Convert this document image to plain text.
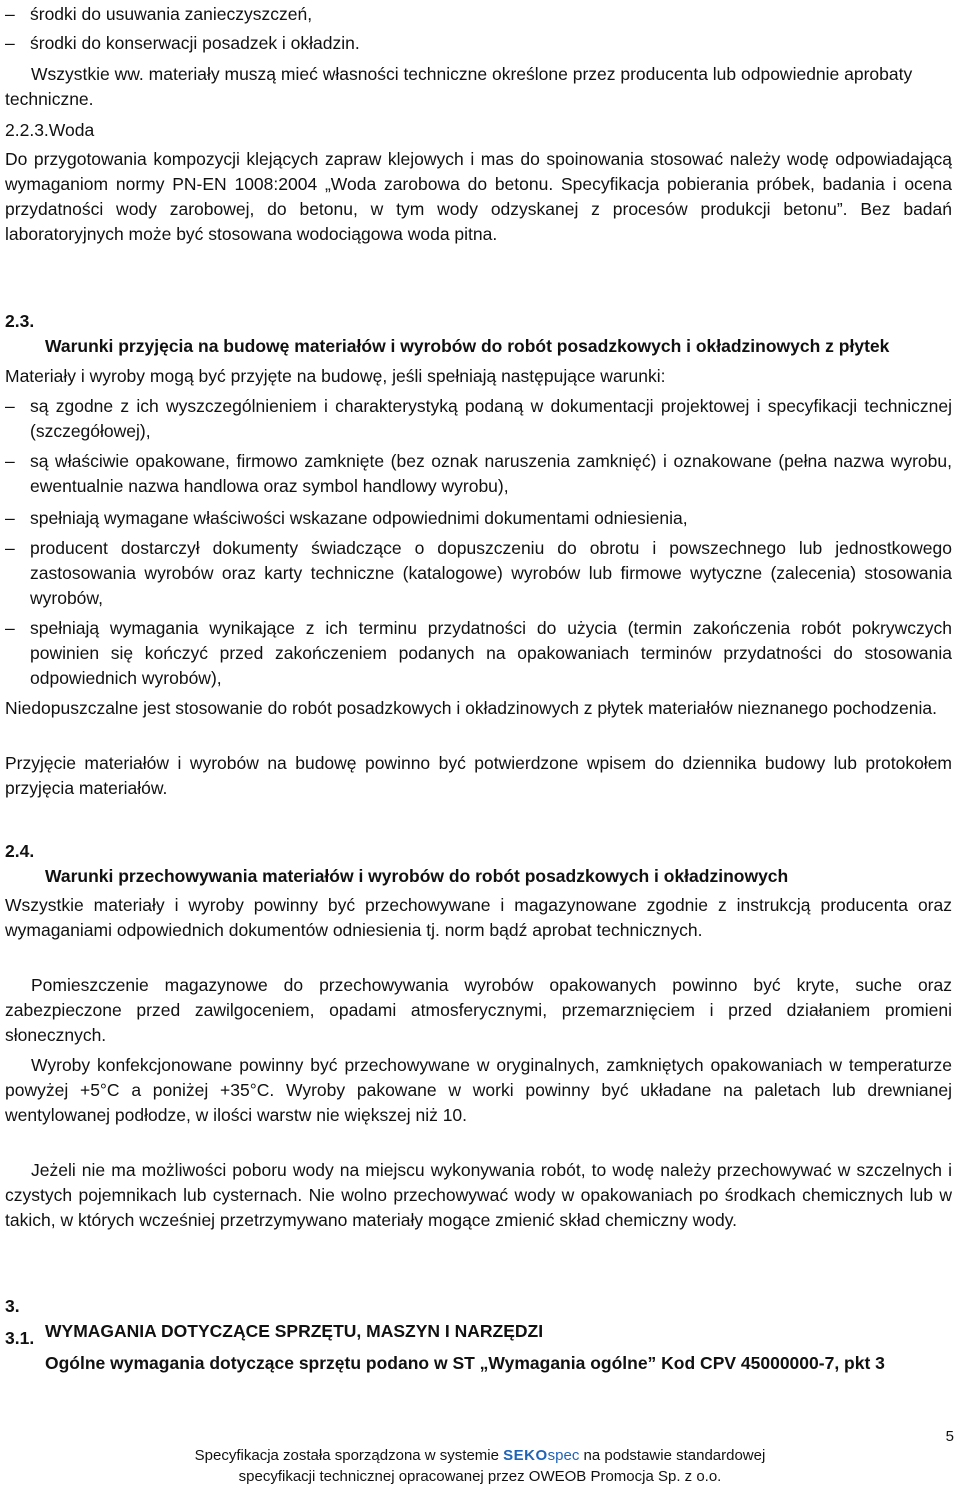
– środki do usuwania zanieczyszczeń,
– środki do konserwacji posadzek i okładzin.
Wszystkie ww. materiały muszą mieć własności techniczne określone przez producenta lub odpowiednie aprobaty techniczne.
2.2.3.Woda
Do przygotowania kompozycji klejących zapraw klejowych i mas do spoinowania stosować należy wodę odpowiadającą wymaganiom normy PN-EN 1008:2004 „Woda zarobowa do betonu. Specyfikacja pobierania próbek, badania i ocena przydatności wody zarobowej, do betonu, w tym wody odzyskanej z procesów produkcji betonu”. Bez badań laboratoryjnych może być stosowana wodociągowa woda pitna.
2.3.
Warunki przyjęcia na budowę materiałów i wyrobów do robót posadzkowych i okładzinowych z płytek
Materiały i wyroby mogą być przyjęte na budowę, jeśli spełniają następujące warunki:
– są zgodne z ich wyszczególnieniem i charakterystyką podaną w dokumentacji projektowej i specyfikacji technicznej (szczegółowej),
– są właściwie opakowane, firmowo zamknięte (bez oznak naruszenia zamknięć) i oznakowane (pełna nazwa wyrobu, ewentualnie nazwa handlowa oraz symbol handlowy wyrobu),
– spełniają wymagane właściwości wskazane odpowiednimi dokumentami odniesienia,
– producent dostarczył dokumenty świadczące o dopuszczeniu do obrotu i powszechnego lub jednostkowego zastosowania wyrobów oraz karty techniczne (katalogowe) wyrobów lub firmowe wytyczne (zalecenia) stosowania wyrobów,
– spełniają wymagania wynikające z ich terminu przydatności do użycia (termin zakończenia robót pokrywczych powinien się kończyć przed zakończeniem podanych na opakowaniach terminów przydatności do stosowania odpowiednich wyrobów),
Niedopuszczalne jest stosowanie do robót posadzkowych i okładzinowych z płytek materiałów nieznanego pochodzenia.
Przyjęcie materiałów i wyrobów na budowę powinno być potwierdzone wpisem do dziennika budowy lub protokołem przyjęcia materiałów.
2.4.
Warunki przechowywania materiałów i wyrobów do robót posadzkowych i okładzinowych
Wszystkie materiały i wyroby powinny być przechowywane i magazynowane zgodnie z instrukcją producenta oraz wymaganiami odpowiednich dokumentów odniesienia tj. norm bądź aprobat technicznych.
Pomieszczenie magazynowe do przechowywania wyrobów opakowanych powinno być kryte, suche oraz zabezpieczone przed zawilgoceniem, opadami atmosferycznymi, przemarznięciem i przed działaniem promieni słonecznych.
Wyroby konfekcjonowane powinny być przechowywane w oryginalnych, zamkniętych opakowaniach w temperaturze powyżej +5°C a poniżej +35°C. Wyroby pakowane w worki powinny być układane na paletach lub drewnianej wentylowanej podłodze, w ilości warstw nie większej niż 10.
Jeżeli nie ma możliwości poboru wody na miejscu wykonywania robót, to wodę należy przechowywać w szczelnych i czystych pojemnikach lub cysternach. Nie wolno przechowywać wody w opakowaniach po środkach chemicznych lub w takich, w których wcześniej przetrzymywano materiały mogące zmienić skład chemiczny wody.
3.
WYMAGANIA DOTYCZĄCE SPRZĘTU, MASZYN I NARZĘDZI
3.1.
Ogólne wymagania dotyczące sprzętu podano w ST „Wymagania ogólne” Kod CPV 45000000-7, pkt 3
5
Specyfikacja została sporządzona w systemie SEKOspec na podstawie standardowej
specyfikacji technicznej opracowanej przez OWEOB Promocja Sp. z o.o.
